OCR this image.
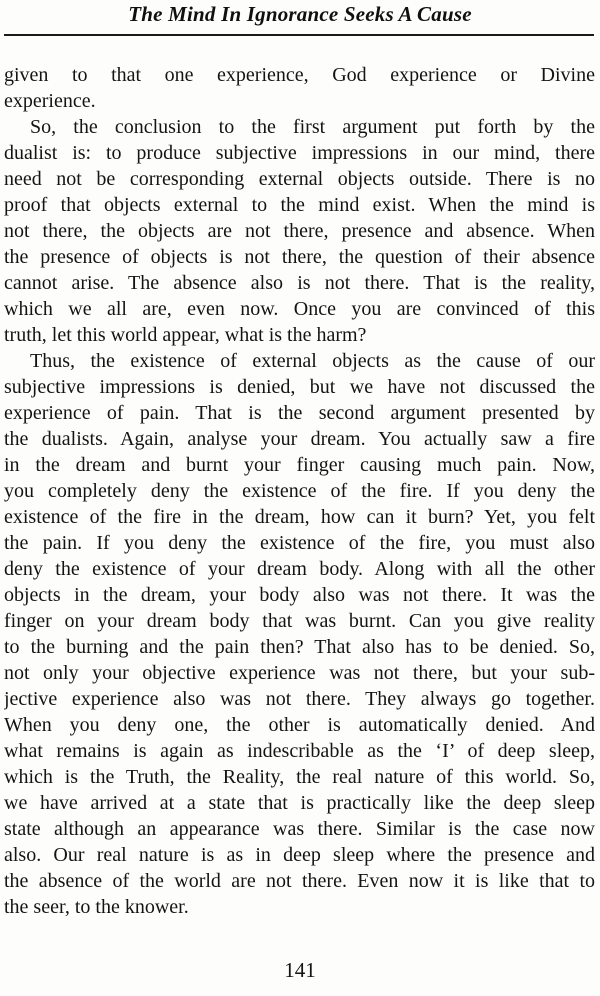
The Mind In Ignorance Seeks A Cause
given to that one experience, God experience or Divine
experience.
So, the conclusion to the first argument put forth by the
dualist is: to produce subjective impressions in our mind, there
need not be corresponding external objects outside. There is no
proof that objects external to the mind exist. When the mind is
not there, the objects are not there, presence and absence. When
the presence of objects is not there, the question of their absence
cannot arise. The absence also is not there. That is the reality,
which we all are, even now. Once you are convinced of this
truth, let this world appear, what is the harm?
Thus, the existence of external objects as the cause of our
subjective impressions is denied, but we have not discussed the
experience of pain. That is the second argument presented by
the dualists. Again, analyse your dream. You actually saw a fire
in the dream and burnt your finger causing much pain. Now,
you completely deny the existence of the fire. If you deny the
existence of the fire in the dream, how can it burn? Yet, you felt
the pain. If you deny the existence of the fire, you must also
deny the existence of your dream body. Along with all the other
objects in the dream, your body also was not there. It was the
finger on your dream body that was burnt. Can you give reality
to the burning and the pain then? That also has to be denied. So,
not only your objective experience was not there, but your sub-
jective experience also was not there. They always go together.
When you deny one, the other is automatically denied. And
what remains is again as indescribable as the ‘I’ of deep sleep,
which is the Truth, the Reality, the real nature of this world. So,
we have arrived at a state that is practically like the deep sleep
state although an appearance was there. Similar is the case now
also. Our real nature is as in deep sleep where the presence and
the absence of the world are not there. Even now it is like that to
the seer, to the knower.
141
